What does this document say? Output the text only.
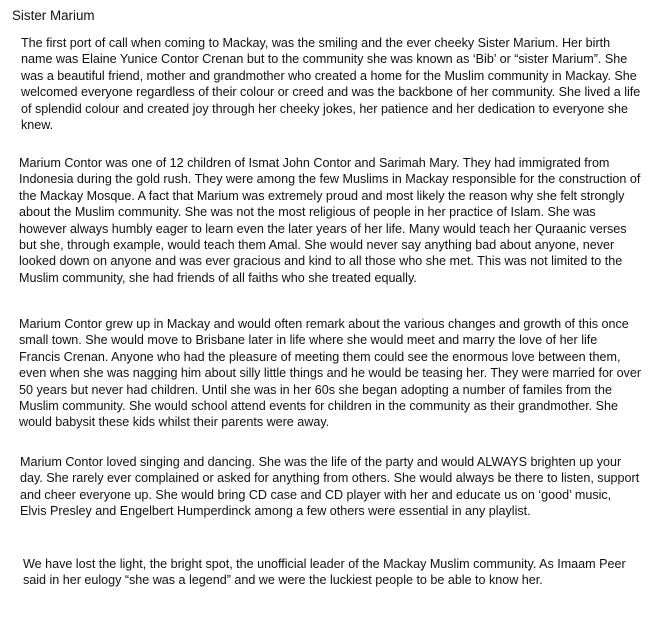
Sister Marium

The first port of call when coming to Mackay, was the smiling and the ever cheeky Sister Marium. Her birth name was Elaine Yunice Contor Crenan but to the community she was known as ‘Bib’ or “sister Marium”. She was a beautiful friend, mother and grandmother who created a home for the Muslim community in Mackay. She welcomed everyone regardless of their colour or creed and was the backbone of her community. She lived a life of splendid colour and created joy through her cheeky jokes, her patience and her dedication to everyone she knew.

Marium Contor was one of 12 children of Ismat John Contor and Sarimah Mary. They had immigrated from Indonesia during the gold rush. They were among the few Muslims in Mackay responsible for the construction of the Mackay Mosque. A fact that Marium was extremely proud and most likely the reason why she felt strongly about the Muslim community. She was not the most religious of people in her practice of Islam. She was however always humbly eager to learn even the later years of her life. Many would teach her Quraanic verses but she, through example, would teach them Amal. She would never say anything bad about anyone, never looked down on anyone and was ever gracious and kind to all those who she met. This was not limited to the Muslim community, she had friends of all faiths who she treated equally.

Marium Contor grew up in Mackay and would often remark about the various changes and growth of this once small town. She would move to Brisbane later in life where she would meet and marry the love of her life Francis Crenan. Anyone who had the pleasure of meeting them could see the enormous love between them, even when she was nagging him about silly little things and he would be teasing her. They were married for over 50 years but never had children. Until she was in her 60s she began adopting a number of familes from the Muslim community. She would school attend events for children in the community as their grandmother. She would babysit these kids whilst their parents were away.

Marium Contor loved singing and dancing. She was the life of the party and would ALWAYS brighten up your day. She rarely ever complained or asked for anything from others. She would always be there to listen, support and cheer everyone up. She would bring CD case and CD player with her and educate us on ‘good’ music, Elvis Presley and Engelbert Humperdinck among a few others were essential in any playlist.

We have lost the light, the bright spot, the unofficial leader of the Mackay Muslim community. As Imaam Peer said in her eulogy “she was a legend” and we were the luckiest people to be able to know her.
